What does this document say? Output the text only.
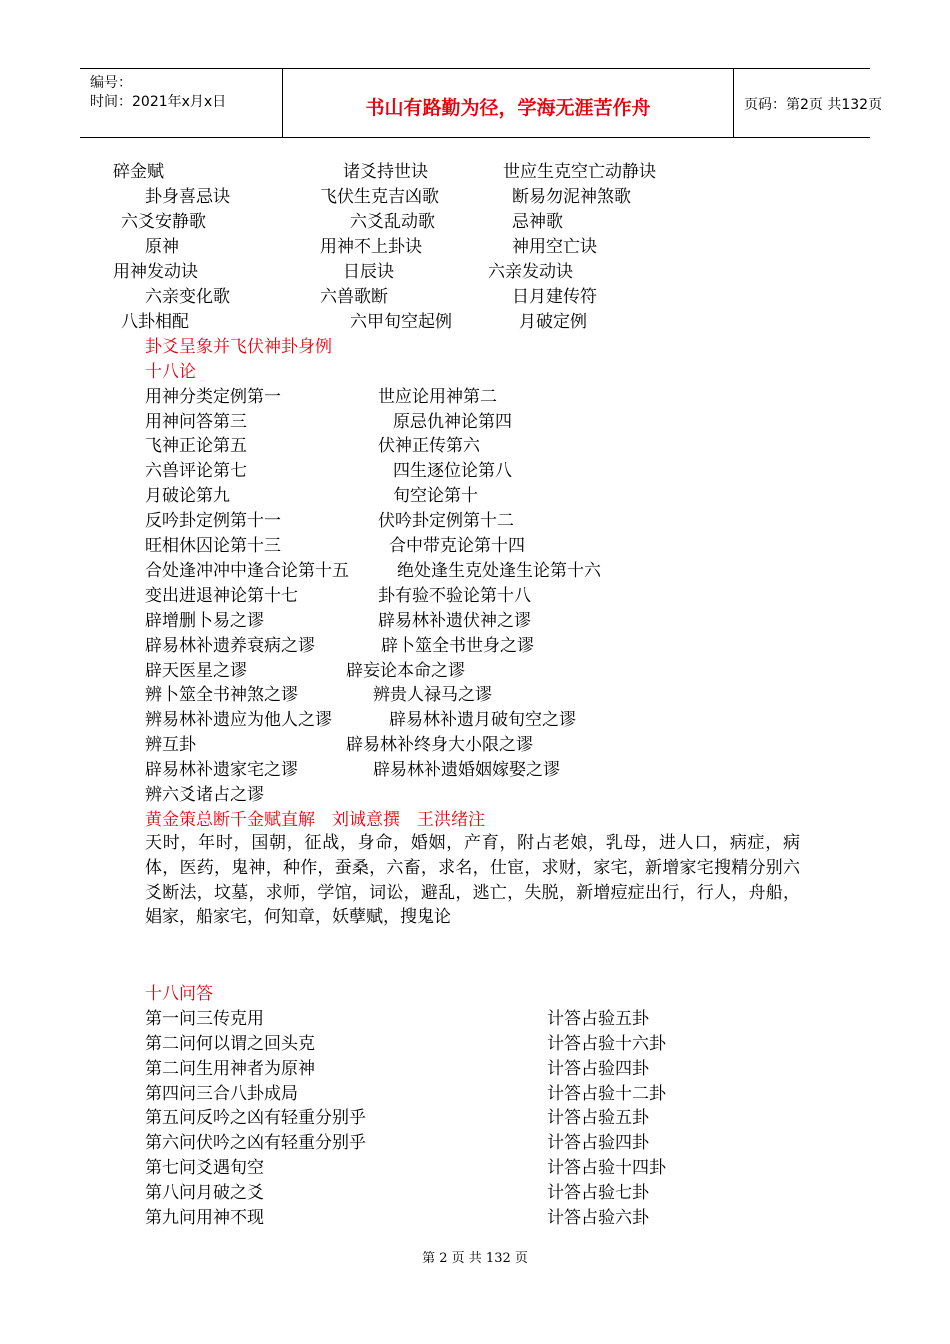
编号：
时间：2021年x月x日	书山有路勤为径，学海无涯苦作舟	页码：第2页 共132页
碎金赋	诸爻持世诀	世应生克空亡动静诀
卦身喜忌诀	飞伏生克吉凶歌	断易勿泥神煞歌
六爻安静歌	六爻乱动歌	忌神歌
原神	用神不上卦诀	神用空亡诀
用神发动诀	日辰诀	六亲发动诀
六亲变化歌	六兽歌断	日月建传符
八卦相配	六甲旬空起例	月破定例
卦爻呈象并飞伏神卦身例
十八论
用神分类定例第一	世应论用神第二
用神问答第三	原忌仇神论第四
飞神正论第五	伏神正传第六
六兽评论第七	四生逐位论第八
月破论第九	旬空论第十
反吟卦定例第十一	伏吟卦定例第十二
旺相休囚论第十三	合中带克论第十四
合处逢冲冲中逢合论第十五	绝处逢生克处逢生论第十六
变出进退神论第十七	卦有验不验论第十八
辟增删卜易之谬	辟易林补遗伏神之谬
辟易林补遗养衰病之谬	辟卜筮全书世身之谬
辟天医星之谬	辟妄论本命之谬
辨卜筮全书神煞之谬	辨贵人禄马之谬
辨易林补遗应为他人之谬	辟易林补遗月破旬空之谬
辨互卦	辟易林补终身大小限之谬
辟易林补遗家宅之谬	辟易林补遗婚姻嫁娶之谬
辨六爻诸占之谬
黄金策总断千金赋直解　刘诚意撰　王洪绪注
天时，年时，国朝，征战，身命，婚姻，产育，附占老娘，乳母，进人口，病症，病体，医药，鬼神，种作，蚕桑，六畜，求名，仕宦，求财，家宅，新增家宅搜精分别六爻断法，坟墓，求师，学馆，词讼，避乱，逃亡，失脱，新增痘症出行，行人，舟船，娼家，船家宅，何知章，妖孽赋，搜鬼论
十八问答
第一问三传克用	计答占验五卦
第二问何以谓之回头克	计答占验十六卦
第二问生用神者为原神	计答占验四卦
第四问三合八卦成局	计答占验十二卦
第五问反吟之凶有轻重分别乎	计答占验五卦
第六问伏吟之凶有轻重分别乎	计答占验四卦
第七问爻遇旬空	计答占验十四卦
第八问月破之爻	计答占验七卦
第九问用神不现	计答占验六卦
第 2 页 共 132 页
